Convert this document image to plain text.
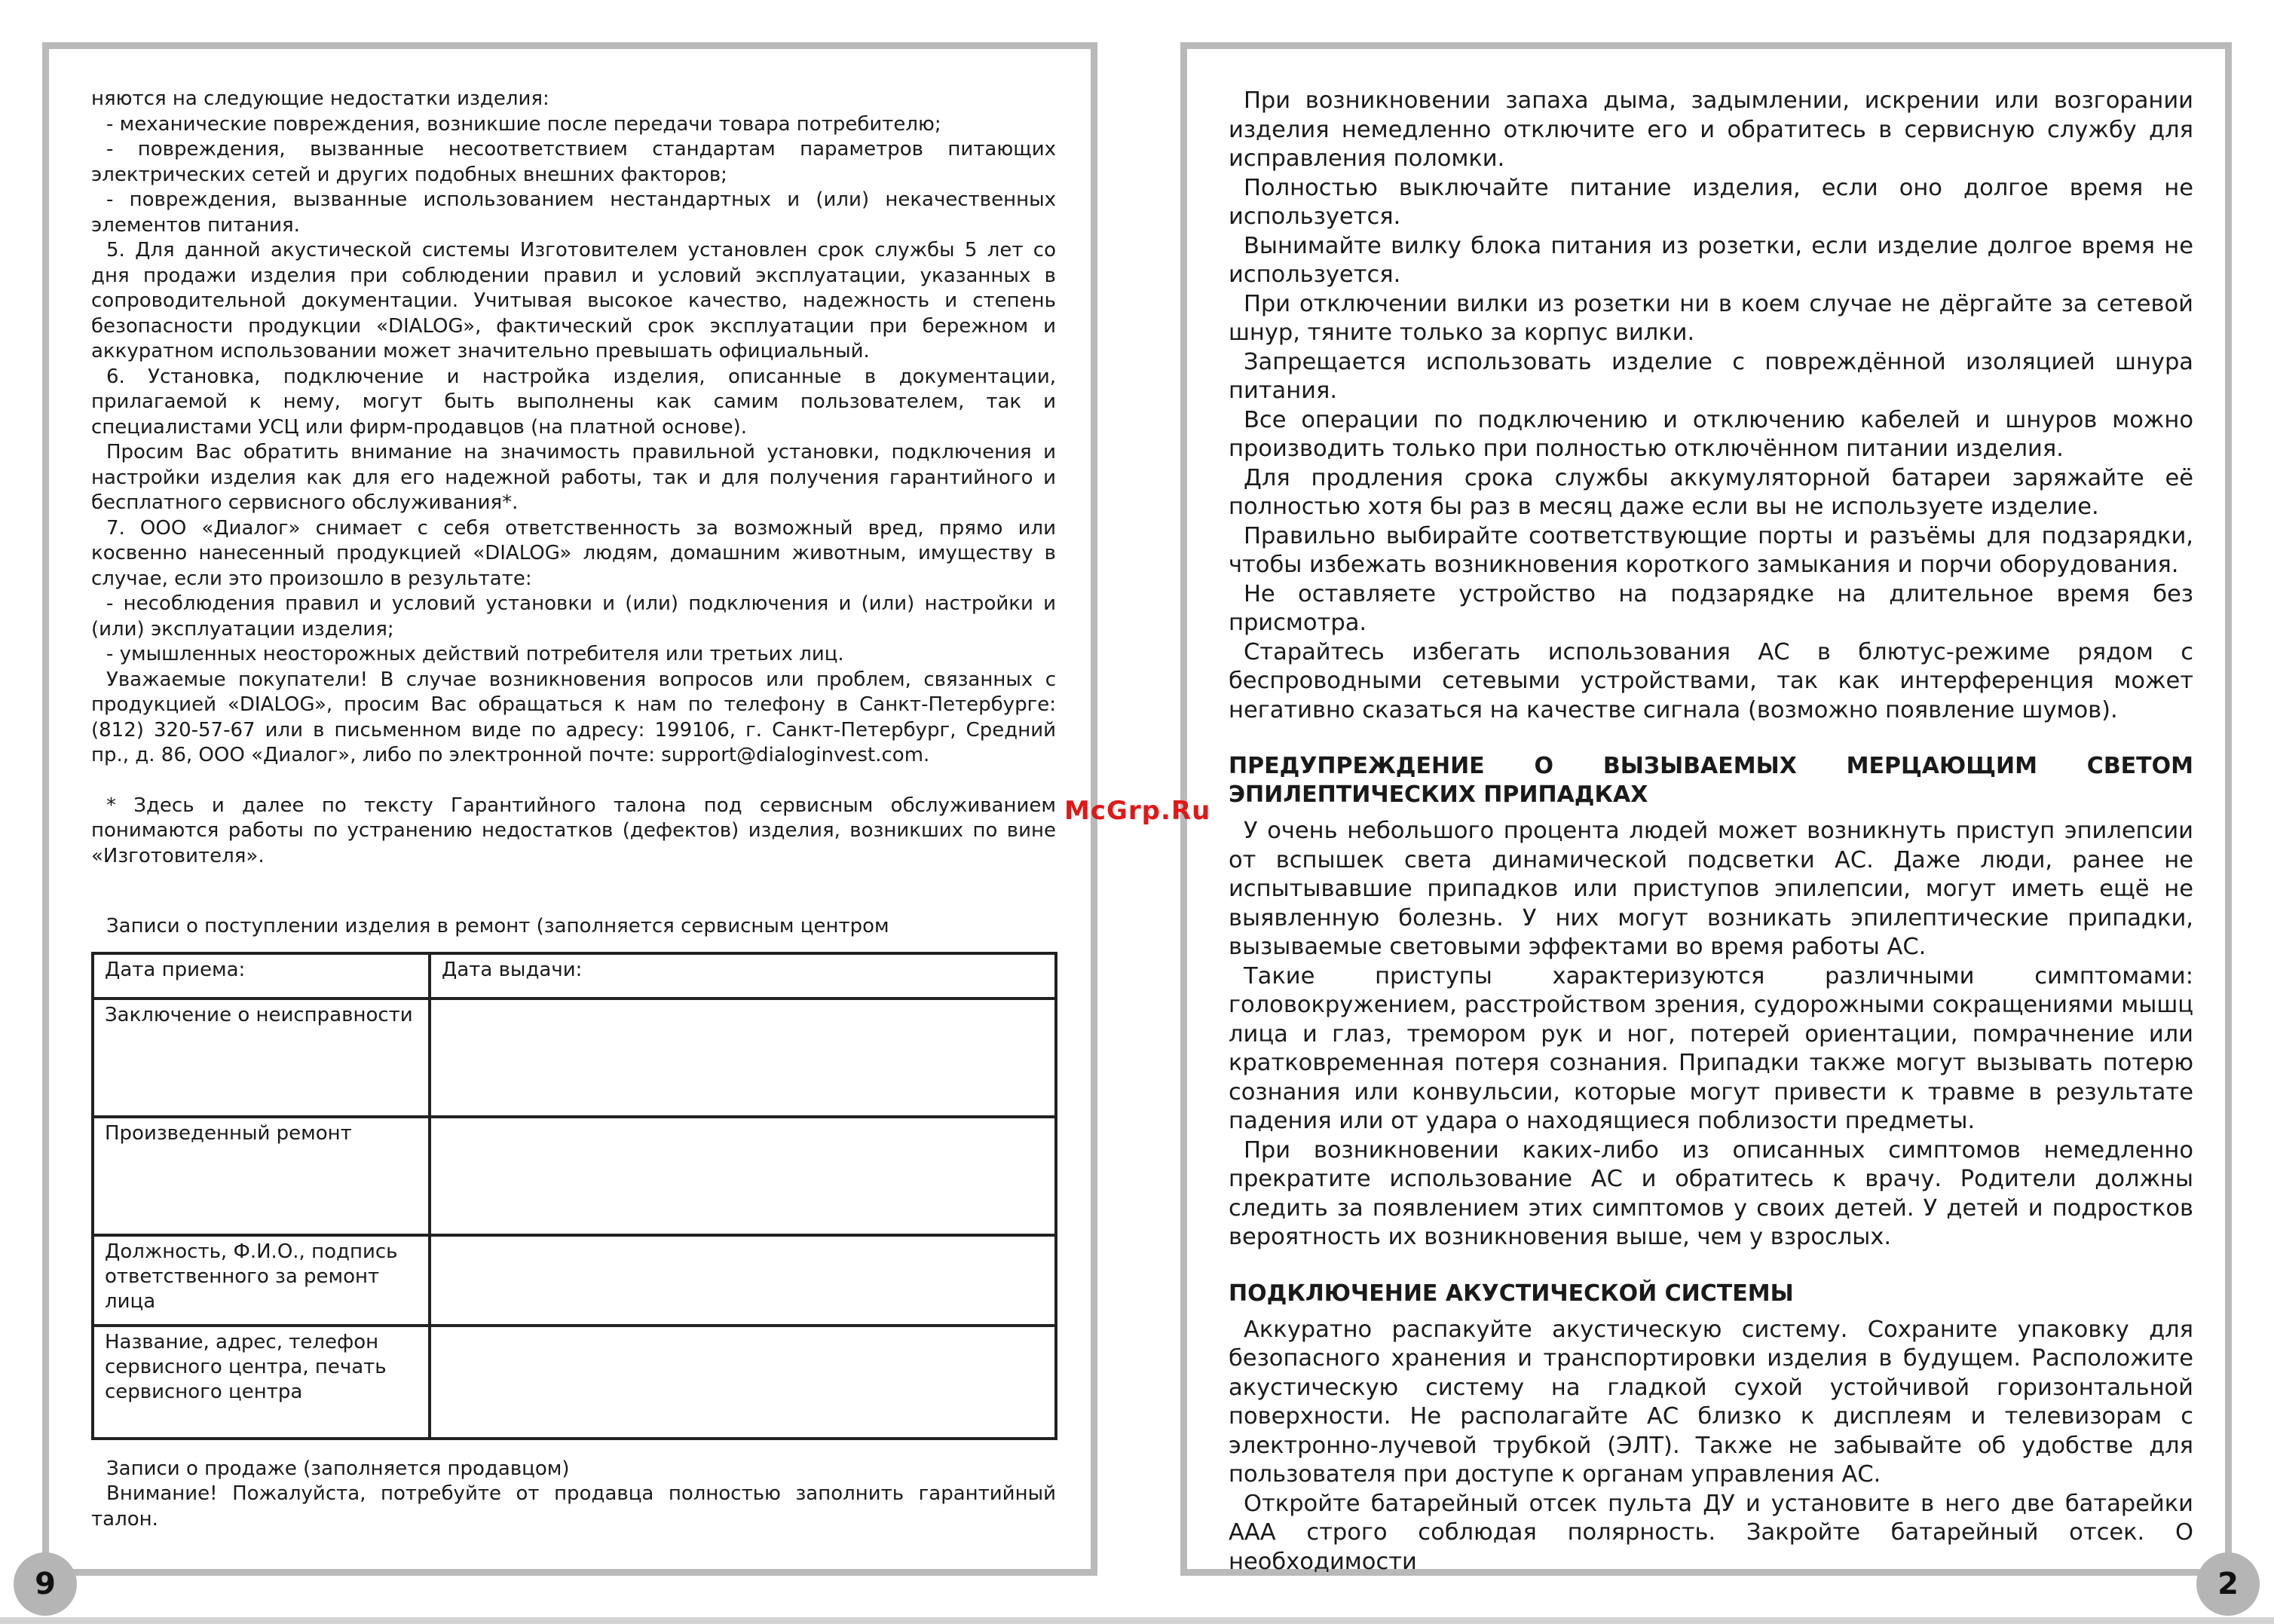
няются на следующие недостатки изделия:

- механические повреждения, возникшие после передачи товара потребителю;

- повреждения, вызванные несоответствием стандартам параметров питающих электрических сетей и других подобных внешних факторов;

- повреждения, вызванные использованием нестандартных и (или) некачественных элементов питания.

5. Для данной акустической системы Изготовителем установлен срок службы 5 лет со дня продажи изделия при соблюдении правил и условий эксплуатации, указанных в сопроводительной документации. Учитывая высокое качество, надежность и степень безопасности продукции «DIALOG», фактический срок эксплуатации при бережном и аккуратном использовании может значительно превышать официальный.

6. Установка, подключение и настройка изделия, описанные в документации, прилагаемой к нему, могут быть выполнены как самим пользователем, так и специалистами УСЦ или фирм-продавцов (на платной основе).

Просим Вас обратить внимание на значимость правильной установки, подключения и настройки изделия как для его надежной работы, так и для получения гарантийного и бесплатного сервисного обслуживания*.

7. ООО «Диалог» снимает с себя ответственность за возможный вред, прямо или косвенно нанесенный продукцией «DIALOG» людям, домашним животным, имуществу в случае, если это произошло в результате:

- несоблюдения правил и условий установки и (или) подключения и (или) настройки и (или) эксплуатации изделия;

- умышленных неосторожных действий потребителя или третьих лиц.

Уважаемые покупатели! В случае возникновения вопросов или проблем, связанных с продукцией «DIALOG», просим Вас обращаться к нам по телефону в Санкт-Петербурге: (812) 320-57-67 или в письменном виде по адресу: 199106, г. Санкт-Петербург, Средний пр., д. 86, ООО «Диалог», либо по электронной почте: support@dialoginvest.com.

* Здесь и далее по тексту Гарантийного талона под сервисным обслуживанием понимаются работы по устранению недостатков (дефектов) изделия, возникших по вине «Изготовителя».

Записи о поступлении изделия в ремонт (заполняется сервисным центром

Дата приема:	Дата выдачи:
Заключение о неисправности	
Произведенный ремонт	
Должность, Ф.И.О., подпись ответственного за ремонт лица	
Название, адрес, телефон сервисного центра, печать сервисного центра	

Записи о продаже (заполняется продавцом)

Внимание! Пожалуйста, потребуйте от продавца полностью заполнить гарантийный талон.

При возникновении запаха дыма, задымлении, искрении или возгорании изделия немедленно отключите его и обратитесь в сервисную службу для исправления поломки.

Полностью выключайте питание изделия, если оно долгое время не используется.

Вынимайте вилку блока питания из розетки, если изделие долгое время не используется.

При отключении вилки из розетки ни в коем случае не дёргайте за сетевой шнур, тяните только за корпус вилки.

Запрещается использовать изделие с повреждённой изоляцией шнура питания.

Все операции по подключению и отключению кабелей и шнуров можно производить только при полностью отключённом питании изделия.

Для продления срока службы аккумуляторной батареи заряжайте её полностью хотя бы раз в месяц даже если вы не используете изделие.

Правильно выбирайте соответствующие порты и разъёмы для подзарядки, чтобы избежать возникновения короткого замыкания и порчи оборудования.

Не оставляете устройство на подзарядке на длительное время без присмотра.

Старайтесь избегать использования АС в блютус-режиме рядом с беспроводными сетевыми устройствами, так как интерференция может негативно сказаться на качестве сигнала (возможно появление шумов).

ПРЕДУПРЕЖДЕНИЕ О ВЫЗЫВАЕМЫХ МЕРЦАЮЩИМ СВЕТОМ ЭПИЛЕПТИЧЕСКИХ ПРИПАДКАХ

У очень небольшого процента людей может возникнуть приступ эпилепсии от вспышек света динамической подсветки АС. Даже люди, ранее не испытывавшие припадков или приступов эпилепсии, могут иметь ещё не выявленную болезнь. У них могут возникать эпилептические припадки, вызываемые световыми эффектами во время работы АС.

Такие приступы характеризуются различными симптомами: головокружением, расстройством зрения, судорожными сокращениями мышц лица и глаз, тремором рук и ног, потерей ориентации, помрачнение или кратковременная потеря сознания. Припадки также могут вызывать потерю сознания или конвульсии, которые могут привести к травме в результате падения или от удара о находящиеся поблизости предметы.

При возникновении каких-либо из описанных симптомов немедленно прекратите использование АС и обратитесь к врачу. Родители должны следить за появлением этих симптомов у своих детей. У детей и подростков вероятность их возникновения выше, чем у взрослых.

ПОДКЛЮЧЕНИЕ АКУСТИЧЕСКОЙ СИСТЕМЫ

Аккуратно распакуйте акустическую систему. Сохраните упаковку для безопасного хранения и транспортировки изделия в будущем. Расположите акустическую систему на гладкой сухой устойчивой горизонтальной поверхности. Не располагайте АС близко к дисплеям и телевизорам с электронно-лучевой трубкой (ЭЛТ). Также не забывайте об удобстве для пользователя при доступе к органам управления АС.

Откройте батарейный отсек пульта ДУ и установите в него две батарейки ААА строго соблюдая полярность. Закройте батарейный отсек. О необходимости

McGrp.Ru
9	2
